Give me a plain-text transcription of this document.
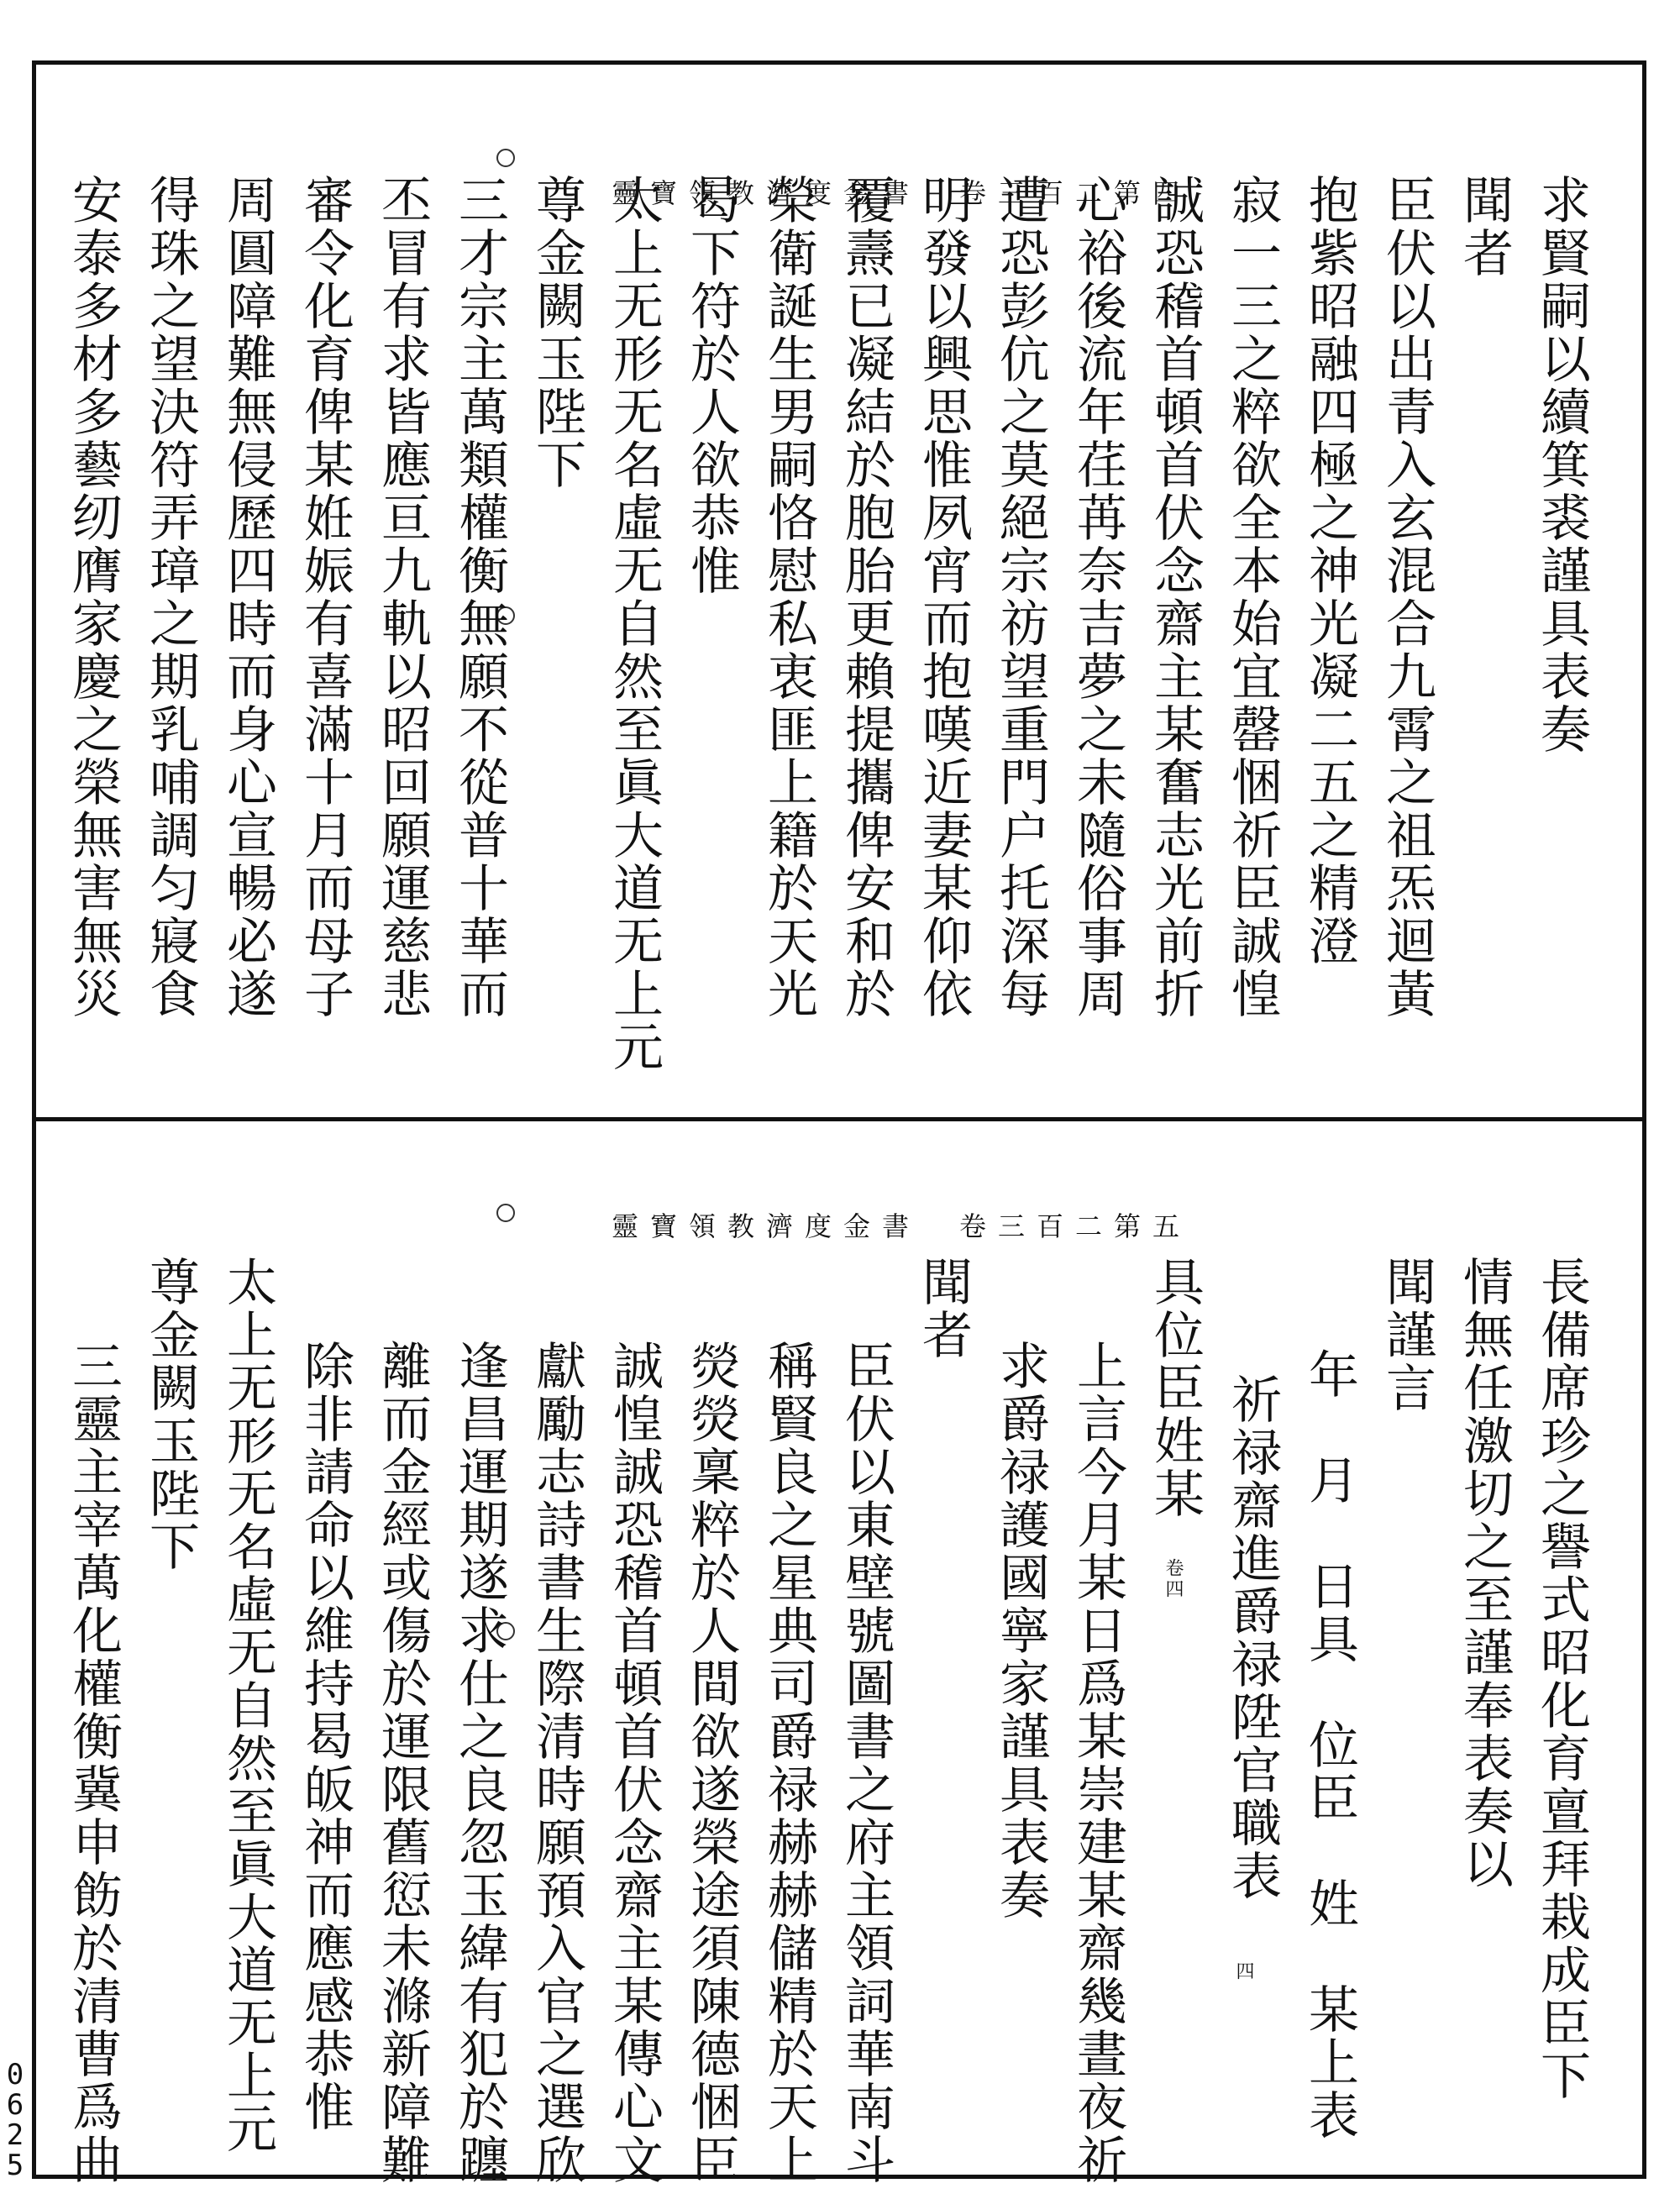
0625
靈寶領教濟度金書　卷三百二第四	求賢嗣以續箕裘謹具表奏
聞者
臣伏以出青入玄混合九霄之祖炁迴黃
抱紫昭融四極之神光凝二五之精澄
寂一三之粹欲全本始宜罄悃祈臣誠惶
誠恐稽首頓首伏念齋主某奮志光前折
心裕後流年荏苒奈吉夢之未隨俗事周
遭恐彭伉之莫絕宗祊望重門户托深每
明發以興思惟夙宵而抱嘆近妻某仰依
覆燾已凝結於胞胎更賴提攜俾安和於
榮衛誕生男嗣恪慰私衷匪上籍於天光
曷下符於人欲恭惟
太上无形无名虛无自然至眞大道无上元
尊金闕玉陛下
三才宗主萬類權衡無願不從普十華而
丕冒有求皆應亘九軌以昭回願運慈悲
審令化育俾某姙娠有喜滿十月而母子
周圓障難無侵歷四時而身心宣暢必遂
得珠之望決符弄璋之期乳哺調匀寢食
安泰多材多藝纫膺家慶之榮無害無災
靈寶領教濟度金書　卷三百二第五
長備席珍之譽式昭化育亶拜栽成臣下
情無任激切之至謹奉表奏以
聞謹言
年　月　日具　位臣　姓　某上表
祈禄齋進爵禄陞官職表
具位臣姓某
上言今月某日爲某崇建某齋幾晝夜祈
求爵禄護國寧家謹具表奏
聞者
臣伏以東壁號圖書之府主領詞華南斗
稱賢良之星典司爵禄赫赫儲精於天上
熒熒稟粹於人間欲遂榮途須陳德悃臣
誠惶誠恐稽首頓首伏念齋主某傳心文
獻勵志詩書生際清時願預入官之選欣
逢昌運期遂求仕之良忽玉緯有犯於躔
離而金經或傷於運限舊愆未滌新障難
除非請命以維持曷皈神而應感恭惟
太上无形无名虛无自然至眞大道无上元
尊金闕玉陛下
三靈主宰萬化權衡冀申飭於清曹爲曲	卷四
四
